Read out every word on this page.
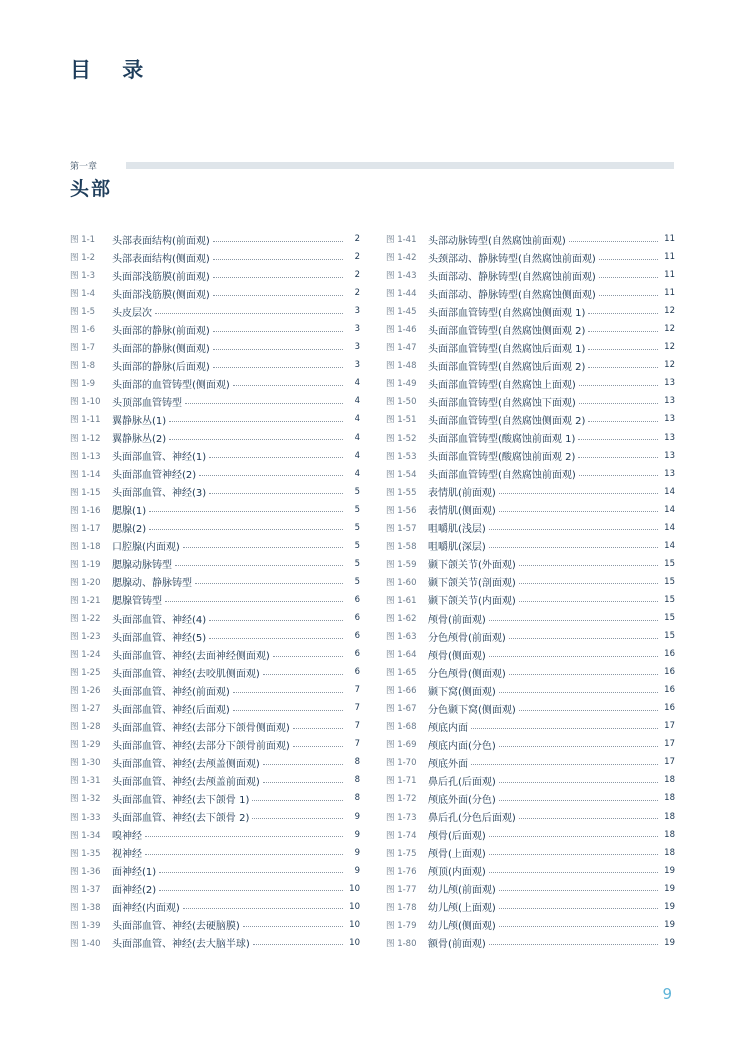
目 录
第一章
头部
图 1-1	头部表面结构(前面观)	2
图 1-2	头部表面结构(侧面观)	2
图 1-3	头面部浅筋膜(前面观)	2
图 1-4	头面部浅筋膜(侧面观)	2
图 1-5	头皮层次	3
图 1-6	头面部的静脉(前面观)	3
图 1-7	头面部的静脉(侧面观)	3
图 1-8	头面部的静脉(后面观)	3
图 1-9	头面部的血管铸型(侧面观)	4
图 1-10	头顶部血管铸型	4
图 1-11	翼静脉丛(1)	4
图 1-12	翼静脉丛(2)	4
图 1-13	头面部血管、神经(1)	4
图 1-14	头面部血管神经(2)	4
图 1-15	头面部血管、神经(3)	5
图 1-16	腮腺(1)	5
图 1-17	腮腺(2)	5
图 1-18	口腔腺(内面观)	5
图 1-19	腮腺动脉铸型	5
图 1-20	腮腺动、静脉铸型	5
图 1-21	腮腺管铸型	6
图 1-22	头面部血管、神经(4)	6
图 1-23	头面部血管、神经(5)	6
图 1-24	头面部血管、神经(去面神经侧面观)	6
图 1-25	头面部血管、神经(去咬肌侧面观)	6
图 1-26	头面部血管、神经(前面观)	7
图 1-27	头面部血管、神经(后面观)	7
图 1-28	头面部血管、神经(去部分下颌骨侧面观)	7
图 1-29	头面部血管、神经(去部分下颌骨前面观)	7
图 1-30	头面部血管、神经(去颅盖侧面观)	8
图 1-31	头面部血管、神经(去颅盖前面观)	8
图 1-32	头面部血管、神经(去下颌骨 1)	8
图 1-33	头面部血管、神经(去下颌骨 2)	9
图 1-34	嗅神经	9
图 1-35	视神经	9
图 1-36	面神经(1)	9
图 1-37	面神经(2)	10
图 1-38	面神经(内面观)	10
图 1-39	头面部血管、神经(去硬脑膜)	10
图 1-40	头面部血管、神经(去大脑半球)	10
图 1-41	头部动脉铸型(自然腐蚀前面观)	11
图 1-42	头颈部动、静脉铸型(自然腐蚀前面观)	11
图 1-43	头面部动、静脉铸型(自然腐蚀前面观)	11
图 1-44	头面部动、静脉铸型(自然腐蚀侧面观)	11
图 1-45	头面部血管铸型(自然腐蚀侧面观 1)	12
图 1-46	头面部血管铸型(自然腐蚀侧面观 2)	12
图 1-47	头面部血管铸型(自然腐蚀后面观 1)	12
图 1-48	头面部血管铸型(自然腐蚀后面观 2)	12
图 1-49	头面部血管铸型(自然腐蚀上面观)	13
图 1-50	头面部血管铸型(自然腐蚀下面观)	13
图 1-51	头面部血管铸型(自然腐蚀侧面观 2)	13
图 1-52	头面部血管铸型(酸腐蚀前面观 1)	13
图 1-53	头面部血管铸型(酸腐蚀前面观 2)	13
图 1-54	头面部血管铸型(自然腐蚀前面观)	13
图 1-55	表情肌(前面观)	14
图 1-56	表情肌(侧面观)	14
图 1-57	咀嚼肌(浅层)	14
图 1-58	咀嚼肌(深层)	14
图 1-59	颞下颌关节(外面观)	15
图 1-60	颞下颌关节(剖面观)	15
图 1-61	颞下颌关节(内面观)	15
图 1-62	颅骨(前面观)	15
图 1-63	分色颅骨(前面观)	15
图 1-64	颅骨(侧面观)	16
图 1-65	分色颅骨(侧面观)	16
图 1-66	颞下窝(侧面观)	16
图 1-67	分色颞下窝(侧面观)	16
图 1-68	颅底内面	17
图 1-69	颅底内面(分色)	17
图 1-70	颅底外面	17
图 1-71	鼻后孔(后面观)	18
图 1-72	颅底外面(分色)	18
图 1-73	鼻后孔(分色后面观)	18
图 1-74	颅骨(后面观)	18
图 1-75	颅骨(上面观)	18
图 1-76	颅顶(内面观)	19
图 1-77	幼儿颅(前面观)	19
图 1-78	幼儿颅(上面观)	19
图 1-79	幼儿颅(侧面观)	19
图 1-80	额骨(前面观)	19
9
